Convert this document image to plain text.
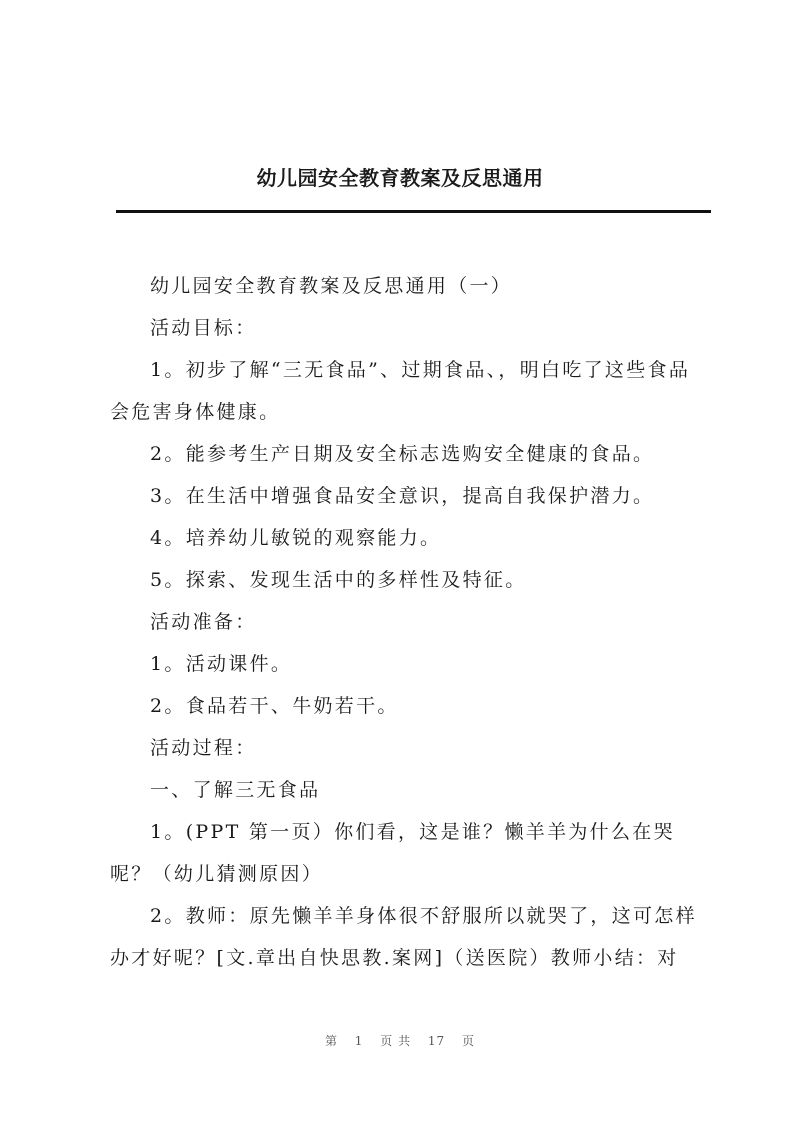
幼儿园安全教育教案及反思通用

幼儿园安全教育教案及反思通用（一）

活动目标：

1。初步了解“三无食品”、过期食品、，明白吃了这些食品会危害身体健康。

2。能参考生产日期及安全标志选购安全健康的食品。

3。在生活中增强食品安全意识，提高自我保护潜力。

4。培养幼儿敏锐的观察能力。

5。探索、发现生活中的多样性及特征。

活动准备：

1。活动课件。

2。食品若干、牛奶若干。

活动过程：

一、了解三无食品

1。(PPT 第一页）你们看，这是谁？懒羊羊为什么在哭呢？（幼儿猜测原因）

2。教师：原先懒羊羊身体很不舒服所以就哭了，这可怎样办才好呢？[文.章出自快思教.案网]（送医院）教师小结：对

第 1 页 共 17 页
